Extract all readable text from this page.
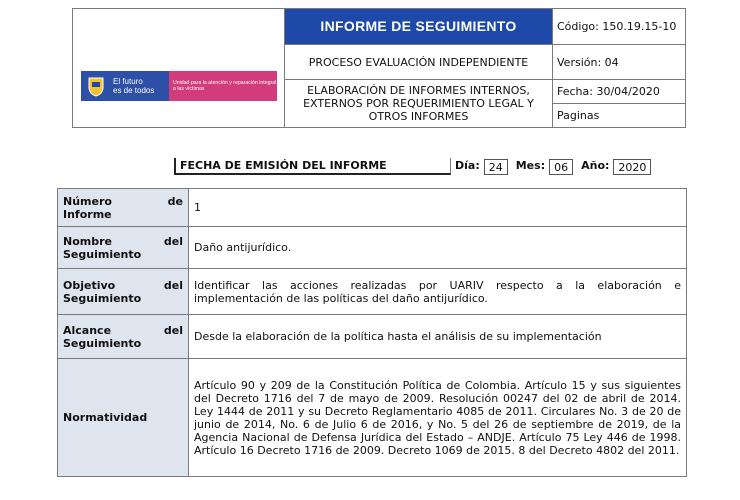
El futuro
es de todos
Unidad para la atención y reparación integral a las víctimas	INFORME DE SEGUIMIENTO	Código: 150.19.15-10
	PROCESO EVALUACIÓN INDEPENDIENTE	Versión: 04
	ELABORACIÓN DE INFORMES INTERNOS, EXTERNOS POR REQUERIMIENTO LEGAL Y OTROS INFORMES	Fecha: 30/04/2020
		Paginas
FECHA DE EMISIÓN DEL INFORME	Día: 24	Mes: 06	Año: 2020
Número de
Informe	1

Nombre del
Seguimiento	Daño antijurídico.

Objetivo del
Seguimiento	Identificar las acciones realizadas por UARIV respecto a la elaboración e implementación de las políticas del daño antijurídico.

Alcance del
Seguimiento	Desde la elaboración de la política hasta el análisis de su implementación
Normatividad	Artículo 90 y 209 de la Constitución Política de Colombia. Artículo 15 y sus siguientes del Decreto 1716 del 7 de mayo de 2009. Resolución 00247 del 02 de abril de 2014. Ley 1444 de 2011 y su Decreto Reglamentario 4085 de 2011. Circulares No. 3 de 20 de junio de 2014, No. 6 de Julio 6 de 2016, y No. 5 del 26 de septiembre de 2019, de la Agencia Nacional de Defensa Jurídica del Estado – ANDJE. Artículo 75 Ley 446 de 1998. Artículo 16 Decreto 1716 de 2009. Decreto 1069 de 2015. 8 del Decreto 4802 del 2011.
